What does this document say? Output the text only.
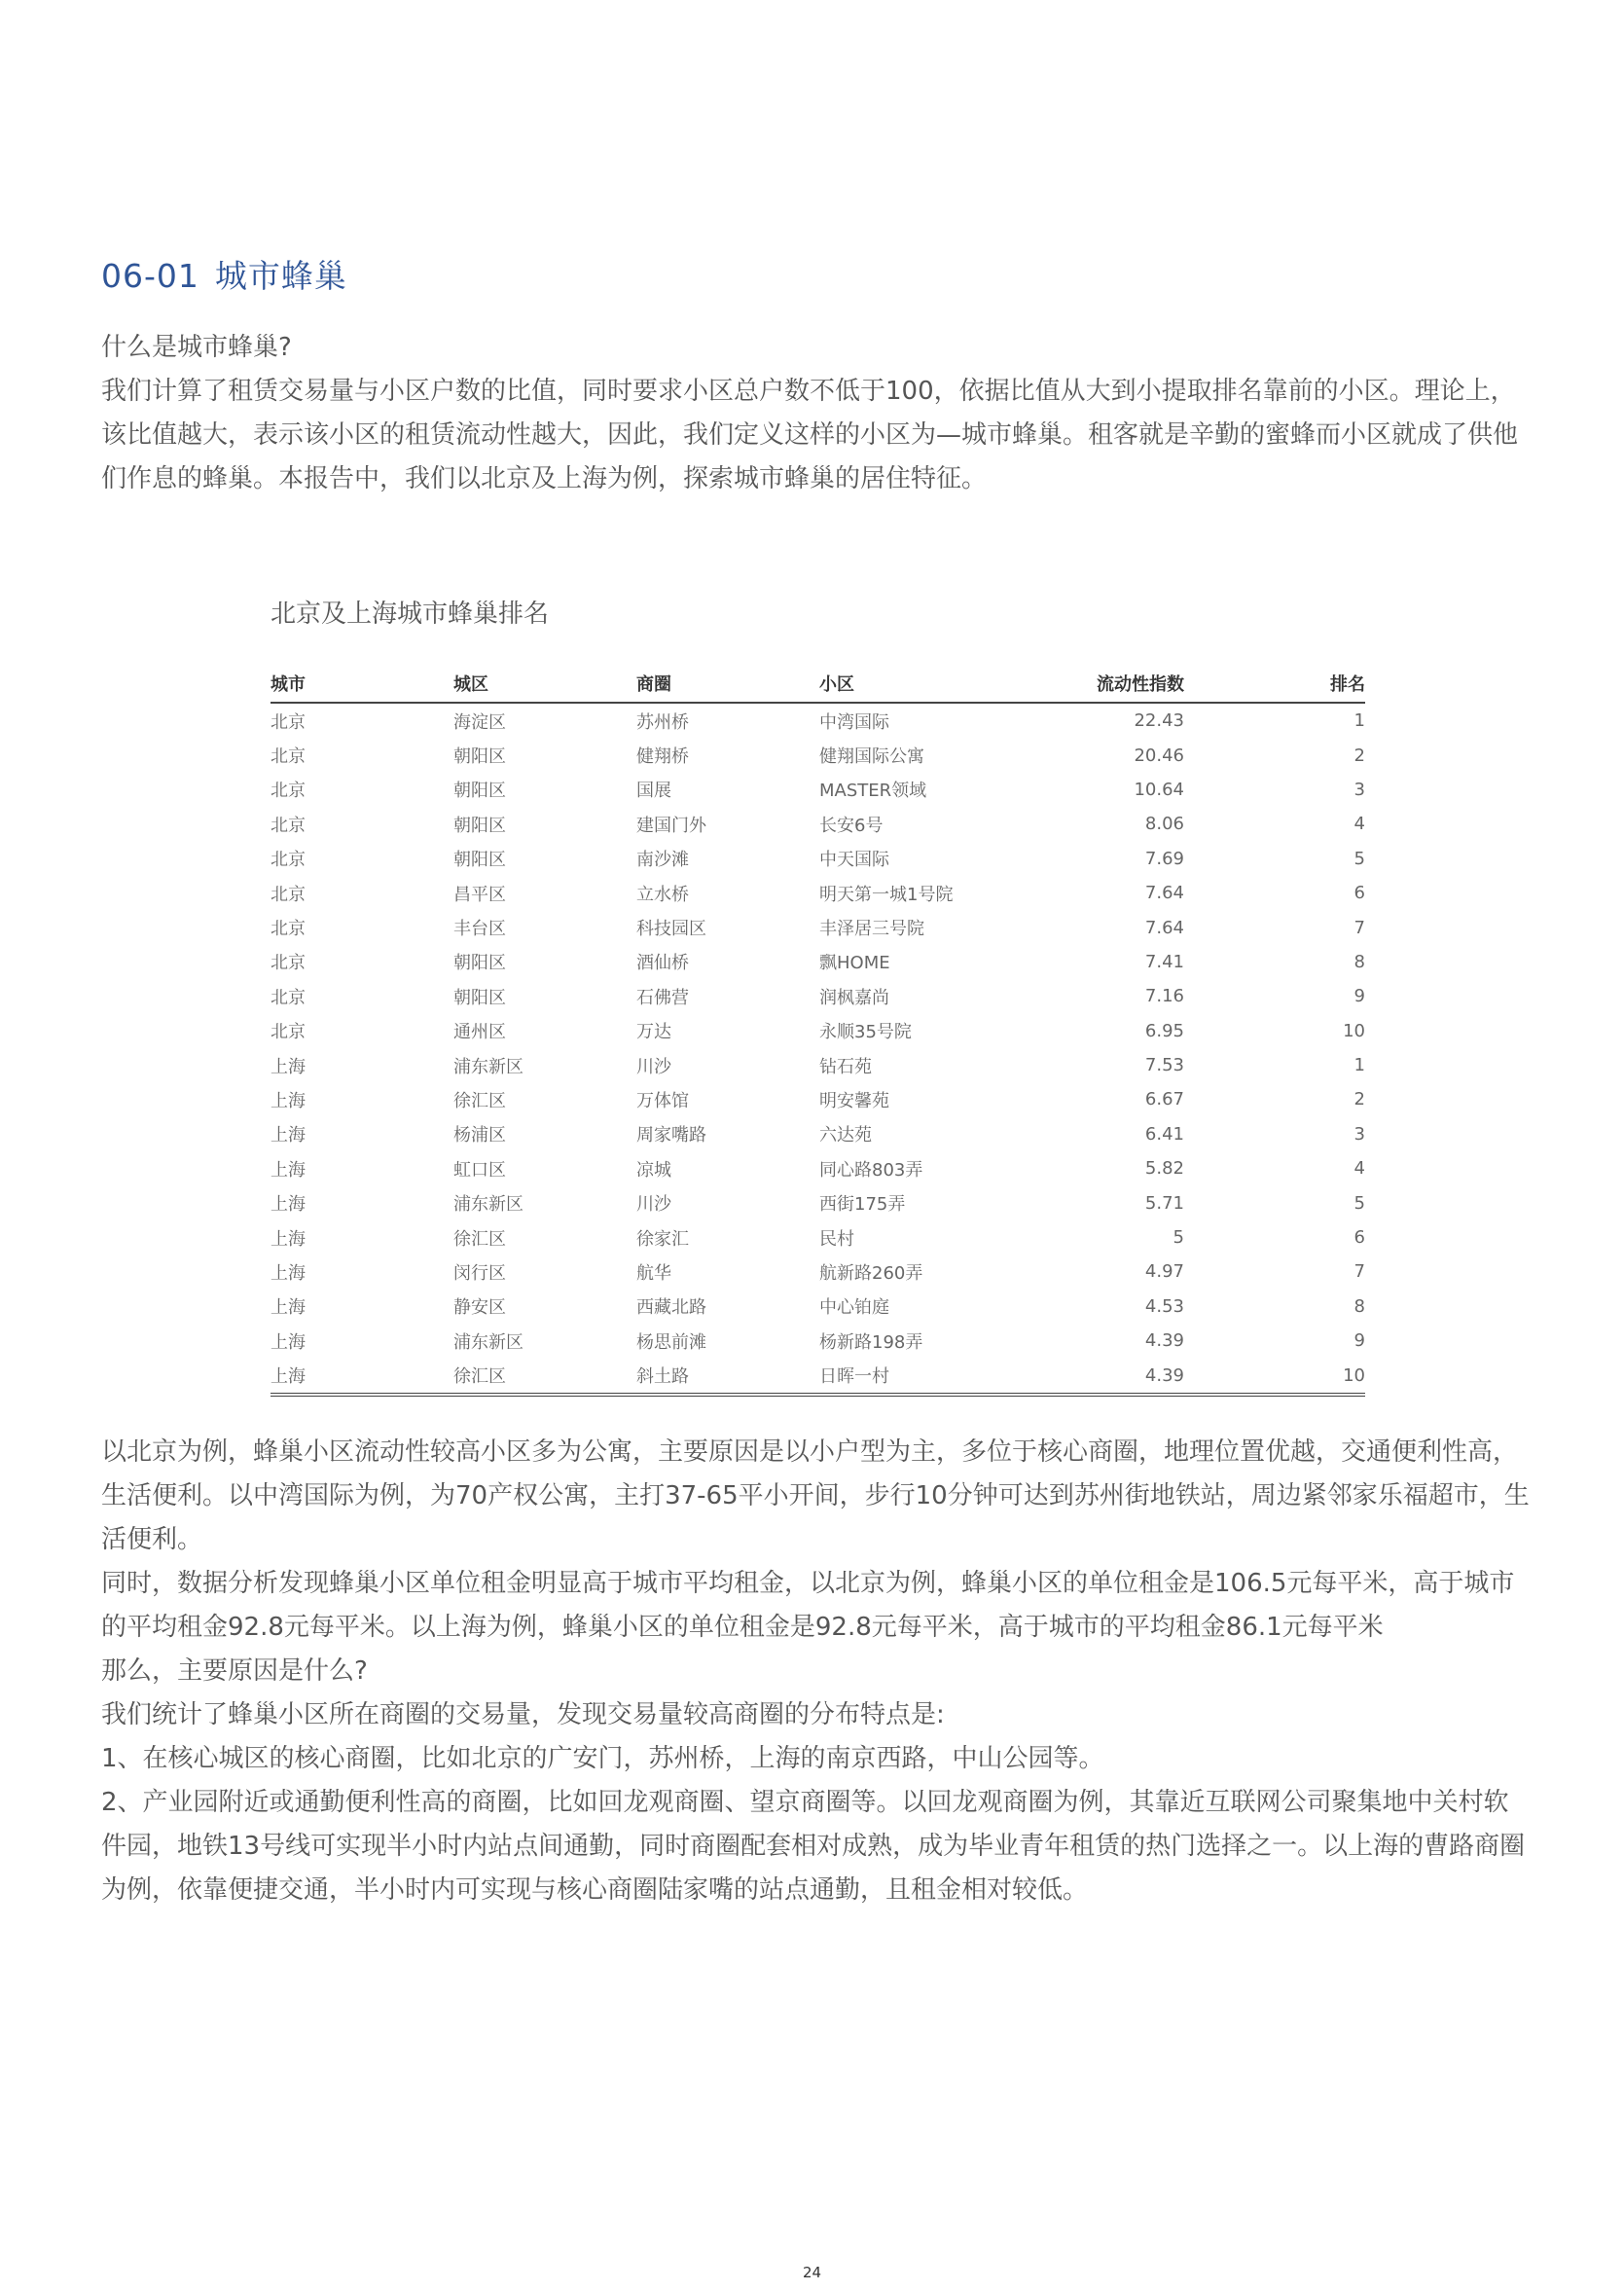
06-01 城市蜂巢

什么是城市蜂巢?

我们计算了租赁交易量与小区户数的比值，同时要求小区总户数不低于100，依据比值从大到小提取排名靠前的小区。理论上，该比值越大，表示该小区的租赁流动性越大，因此，我们定义这样的小区为—城市蜂巢。租客就是辛勤的蜜蜂而小区就成了供他们作息的蜂巢。本报告中，我们以北京及上海为例，探索城市蜂巢的居住特征。

北京及上海城市蜂巢排名
城市	城区	商圈	小区	流动性指数	排名
北京	海淀区	苏州桥	中湾国际	22.43	1
北京	朝阳区	健翔桥	健翔国际公寓	20.46	2
北京	朝阳区	国展	MASTER领域	10.64	3
北京	朝阳区	建国门外	长安6号	8.06	4
北京	朝阳区	南沙滩	中天国际	7.69	5
北京	昌平区	立水桥	明天第一城1号院	7.64	6
北京	丰台区	科技园区	丰泽居三号院	7.64	7
北京	朝阳区	酒仙桥	飘HOME	7.41	8
北京	朝阳区	石佛营	润枫嘉尚	7.16	9
北京	通州区	万达	永顺35号院	6.95	10
上海	浦东新区	川沙	钻石苑	7.53	1
上海	徐汇区	万体馆	明安馨苑	6.67	2
上海	杨浦区	周家嘴路	六达苑	6.41	3
上海	虹口区	凉城	同心路803弄	5.82	4
上海	浦东新区	川沙	西街175弄	5.71	5
上海	徐汇区	徐家汇	民村	5	6
上海	闵行区	航华	航新路260弄	4.97	7
上海	静安区	西藏北路	中心铂庭	4.53	8
上海	浦东新区	杨思前滩	杨新路198弄	4.39	9
上海	徐汇区	斜土路	日晖一村	4.39	10

以北京为例，蜂巢小区流动性较高小区多为公寓，主要原因是以小户型为主，多位于核心商圈，地理位置优越，交通便利性高，生活便利。以中湾国际为例，为70产权公寓，主打37-65平小开间，步行10分钟可达到苏州街地铁站，周边紧邻家乐福超市，生活便利。

同时，数据分析发现蜂巢小区单位租金明显高于城市平均租金，以北京为例，蜂巢小区的单位租金是106.5元每平米，高于城市的平均租金92.8元每平米。以上海为例，蜂巢小区的单位租金是92.8元每平米，高于城市的平均租金86.1元每平米

那么，主要原因是什么?

我们统计了蜂巢小区所在商圈的交易量，发现交易量较高商圈的分布特点是:

1、在核心城区的核心商圈，比如北京的广安门，苏州桥，上海的南京西路，中山公园等。

2、产业园附近或通勤便利性高的商圈，比如回龙观商圈、望京商圈等。以回龙观商圈为例，其靠近互联网公司聚集地中关村软件园，地铁13号线可实现半小时内站点间通勤，同时商圈配套相对成熟，成为毕业青年租赁的热门选择之一。以上海的曹路商圈为例，依靠便捷交通，半小时内可实现与核心商圈陆家嘴的站点通勤，且租金相对较低。

24
